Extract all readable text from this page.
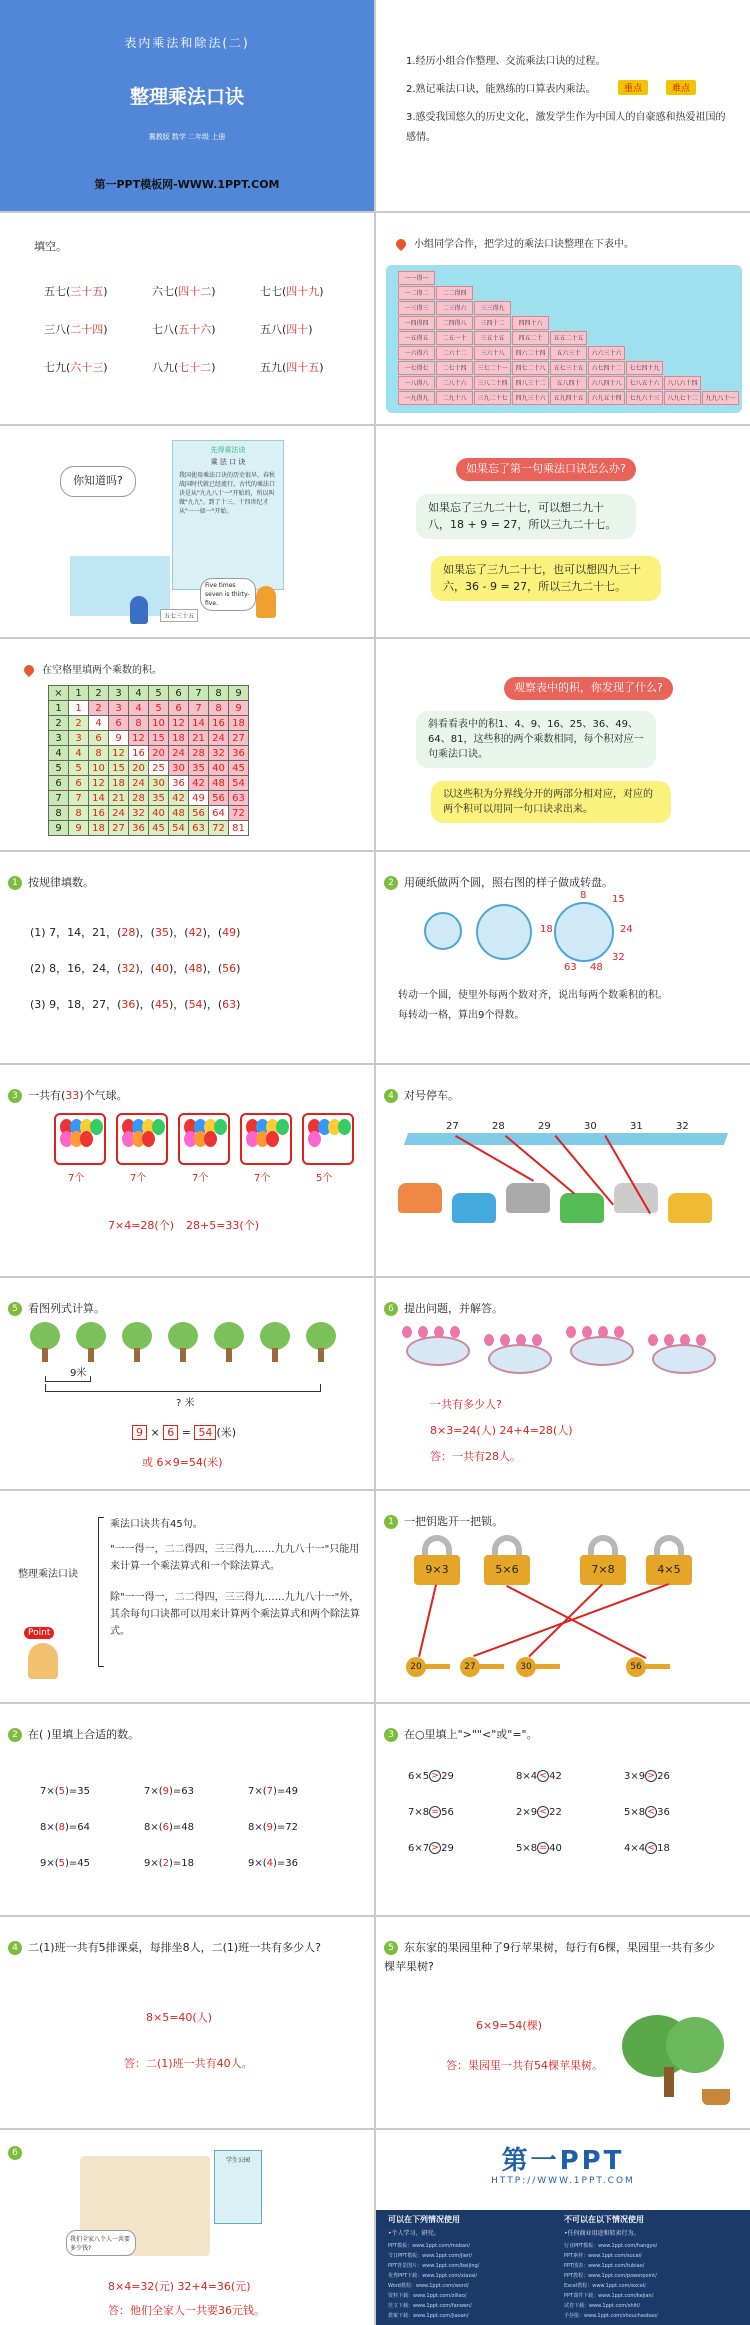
表内乘法和除法(二)
整理乘法口诀
冀教版 数学 二年级 上册
第一PPT模板网-WWW.1PPT.COM
1.经历小组合作整理、交流乘法口诀的过程。
2.熟记乘法口诀，能熟练的口算表内乘法。	重点	难点
3.感受我国悠久的历史文化，激发学生作为中国人的自豪感和热爱祖国的感情。
填空。
五七(三十五)	六七(四十二)	七七(四十九)
三八(二十四)	七八(五十六)	五八(四十)
七九(六十三)	八九(七十二)	五九(四十五)
小组同学合作，把学过的乘法口诀整理在下表中。
一一得一
一二得二	二二得四
一三得三	二三得六	三三得九
一四得四	二四得八	三四十二	四四十六
一五得五	二五一十	三五十五	四五二十	五五二十五
一六得六	二六十二	三六十八	四六二十四	五六三十	六六三十六
一七得七	二七十四	三七二十一	四七二十八	五七三十五	六七四十二	七七四十九
一八得八	二八十六	三八二十四	四八三十二	五八四十	六八四十八	七八五十六	八八六十四
一九得九	二九十八	三九二十七	四九三十六	五九四十五	六九五十四	七九六十三	八九七十二	九九八十一
你知道吗?
先得乘法诀
乘 法 口 诀
我国使用乘法口诀的历史很早，春秋战国时代就已经流行。古代的乘法口诀是从"九九八十一"开始的，所以叫做"九九"。到了十三、十四世纪才从"一一如一"开始。
Five times seven is thirty-five.
五七三十五
如果忘了第一句乘法口诀怎么办?
如果忘了三九二十七，可以想二九十八，18 + 9 = 27，所以三九二十七。
如果忘了三九二十七，也可以想四九三十六，36 - 9 = 27，所以三九二十七。
在空格里填两个乘数的积。
×	1	2	3	4	5	6	7	8	9
1	1	2	3	4	5	6	7	8	9
2	2	4	6	8	10	12	14	16	18
3	3	6	9	12	15	18	21	24	27
4	4	8	12	16	20	24	28	32	36
5	5	10	15	20	25	30	35	40	45
6	6	12	18	24	30	36	42	48	54
7	7	14	21	28	35	42	49	56	63
8	8	16	24	32	40	48	56	64	72
9	9	18	27	36	45	54	63	72	81
观察表中的积，你发现了什么?
斜看看表中的积1、4、9、16、25、36、49、64、81，这些积的两个乘数相同，每个积对应一句乘法口诀。
以这些积为分界线分开的两部分相对应，对应的两个积可以用同一句口诀求出来。
1 按规律填数。
(1) 7，14，21，(28)，(35)，(42)，(49)
(2) 8，16，24，(32)，(40)，(48)，(56)
(3) 9，18，27，(36)，(45)，(54)，(63)
2 用硬纸做两个圆，照右图的样子做成转盘。
8	15
24
32
48
63
18
转动一个圆，使里外每两个数对齐，说出每两个数乘积的积。
每转动一格，算出9个得数。
3 一共有(33)个气球。
7个	7个	7个	7个	5个
7×4=28(个) 28+5=33(个)
4 对号停车。
27	28	29	30	31	32
5 看图列式计算。
9米
? 米
9 × 6 = 54 (米)
或 6×9=54(米)
6 提出问题，并解答。
一共有多少人?
8×3=24(人) 24+4=28(人)
答：一共有28人。
整理乘法口诀
乘法口诀共有45句。
"一一得一，二二得四，三三得九……九九八十一"只能用来计算一个乘法算式和一个除法算式。
除"一一得一，二二得四，三三得九……九九八十一"外，其余每句口诀都可以用来计算两个乘法算式和两个除法算式。
Point
1 一把钥匙开一把锁。
9×3	5×6	7×8	4×5
20	27	30	56
2 在( )里填上合适的数。
7×(5)=35	7×(9)=63	7×(7)=49
8×(8)=64	8×(6)=48	8×(9)=72
9×(5)=45	9×(2)=18	9×(4)=36
3 在○里填上">""<"或"="。
6×5 > 29	8×4 < 42	3×9 > 26
7×8 = 56	2×9 < 22	5×8 < 36
6×7 > 29	5×8 = 40	4×4 < 18
4 二(1)班一共有5排课桌，每排坐8人，二(1)班一共有多少人?
8×5=40(人)
答：二(1)班一共有40人。
5 东东家的果园里种了9行苹果树，每行有6棵，果园里一共有多少棵苹果树?
6×9=54(棵)
答：果园里一共有54棵苹果树。
6
学生公园
我们全家八个人一共要多少钱?
8×4=32(元) 32+4=36(元)
答：他们全家人一共要36元钱。
第一PPT
HTTP://WWW.1PPT.COM
可以在下列情况使用	不可以在以下情况使用
•个人学习、研究。	•任何商业用途和转卖行为。
PPT模板：www.1ppt.com/moban/	行业PPT模板：www.1ppt.com/hangye/
节日PPT模板：www.1ppt.com/jieri/	PPT素材：www.1ppt.com/sucai/
PPT背景图片：www.1ppt.com/beijing/	PPT图表：www.1ppt.com/tubiao/
优秀PPT下载：www.1ppt.com/xiazai/	PPT教程：www.1ppt.com/powerpoint/
Word教程：www.1ppt.com/word/	Excel教程：www.1ppt.com/excel/
资料下载：www.1ppt.com/ziliao/	PPT课件下载：www.1ppt.com/kejian/
范文下载：www.1ppt.com/fanwen/	试卷下载：www.1ppt.com/shiti/
教案下载：www.1ppt.com/jiaoan/	手抄报：www.1ppt.com/shouchaobao/
